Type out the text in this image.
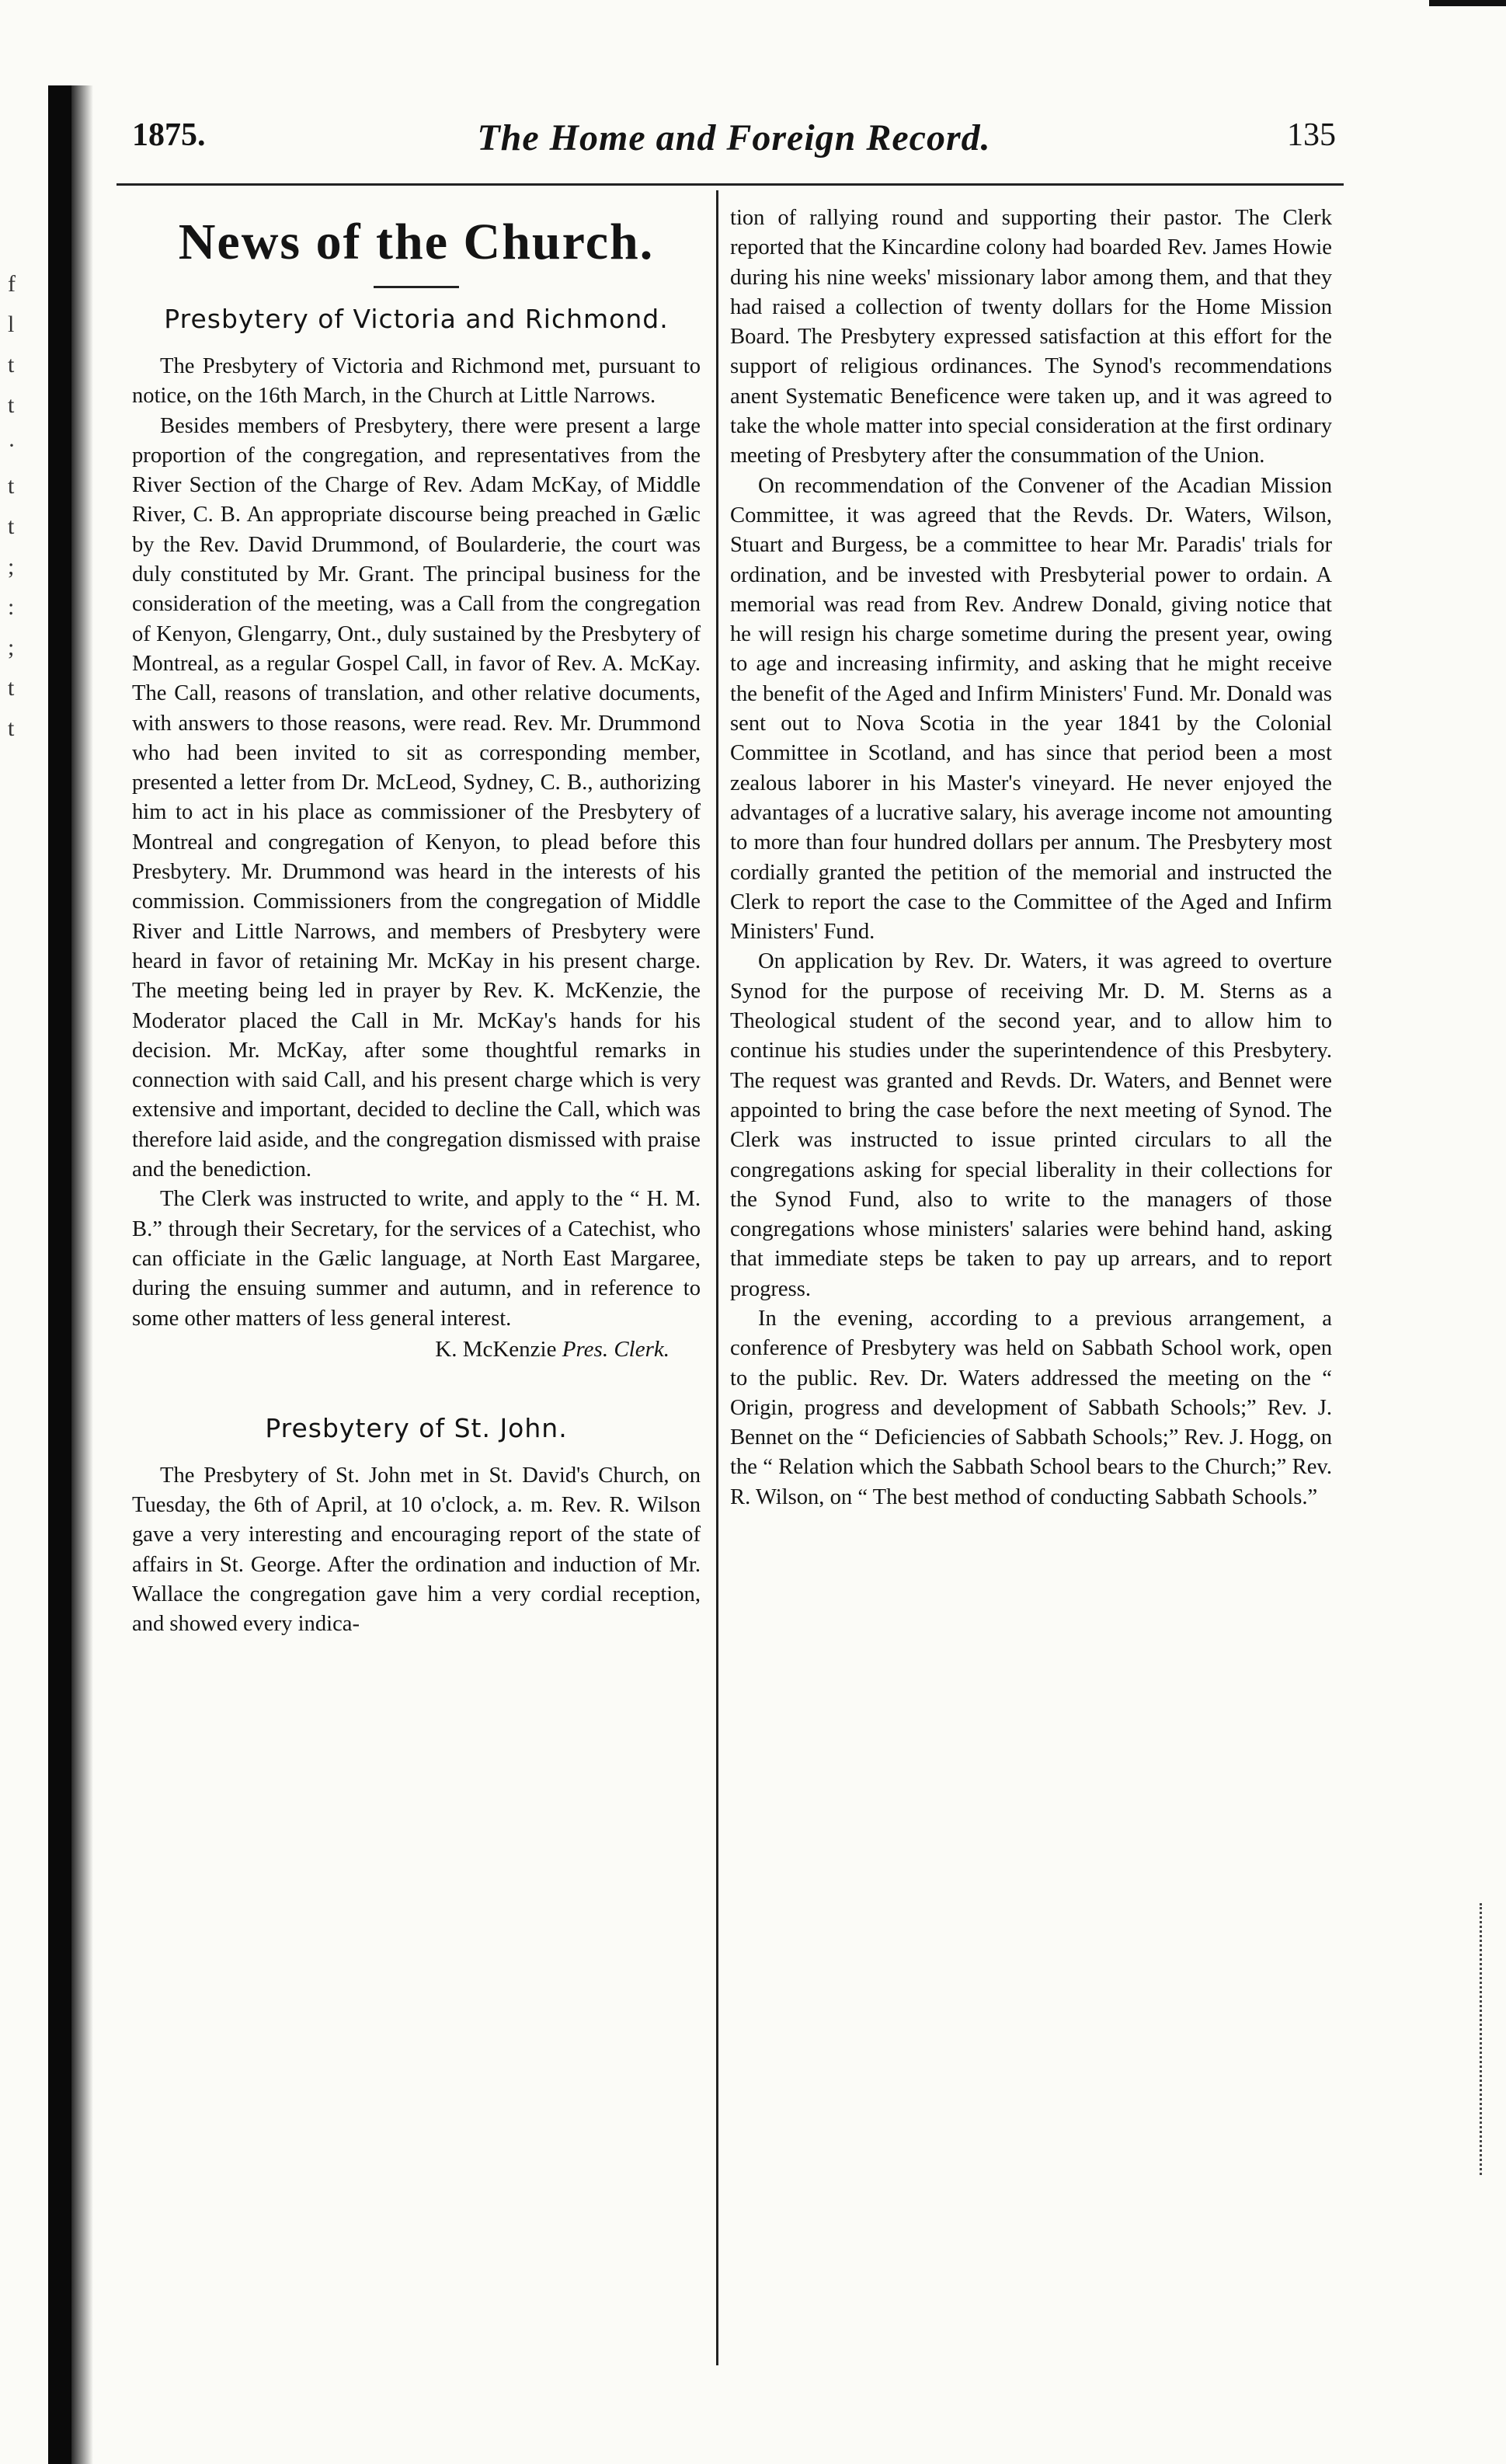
f
l
t
t
·
t
t
;
:
;
t
t
1875.	The Home and Foreign Record.	135
News of the Church.
Presbytery of Victoria and Richmond.

The Presbytery of Victoria and Richmond met, pursuant to notice, on the 16th March, in the Church at Little Narrows.

Besides members of Presbytery, there were present a large proportion of the congregation, and representatives from the River Section of the Charge of Rev. Adam McKay, of Middle River, C. B. An appropriate discourse being preached in Gælic by the Rev. David Drummond, of Boularderie, the court was duly constituted by Mr. Grant. The principal business for the consideration of the meeting, was a Call from the congregation of Kenyon, Glengarry, Ont., duly sustained by the Presbytery of Montreal, as a regular Gospel Call, in favor of Rev. A. McKay. The Call, reasons of translation, and other relative documents, with answers to those reasons, were read. Rev. Mr. Drummond who had been invited to sit as corresponding member, presented a letter from Dr. McLeod, Sydney, C. B., authorizing him to act in his place as commissioner of the Presbytery of Montreal and congregation of Kenyon, to plead before this Presbytery. Mr. Drummond was heard in the interests of his commission. Commissioners from the congregation of Middle River and Little Narrows, and members of Presbytery were heard in favor of retaining Mr. McKay in his present charge. The meeting being led in prayer by Rev. K. McKenzie, the Moderator placed the Call in Mr. McKay's hands for his decision. Mr. McKay, after some thoughtful remarks in connection with said Call, and his present charge which is very extensive and important, decided to decline the Call, which was therefore laid aside, and the congregation dismissed with praise and the benediction.

The Clerk was instructed to write, and apply to the “ H. M. B.” through their Secretary, for the services of a Catechist, who can officiate in the Gælic language, at North East Margaree, during the ensuing summer and autumn, and in reference to some other matters of less general interest.

K. McKenzie Pres. Clerk.
Presbytery of St. John.

The Presbytery of St. John met in St. David's Church, on Tuesday, the 6th of April, at 10 o'clock, a. m. Rev. R. Wilson gave a very interesting and encouraging report of the state of affairs in St. George. After the ordination and induction of Mr. Wallace the congregation gave him a very cordial reception, and showed every indica-

tion of rallying round and supporting their pastor. The Clerk reported that the Kincardine colony had boarded Rev. James Howie during his nine weeks' missionary labor among them, and that they had raised a collection of twenty dollars for the Home Mission Board. The Presbytery expressed satisfaction at this effort for the support of religious ordinances. The Synod's recommendations anent Systematic Beneficence were taken up, and it was agreed to take the whole matter into special consideration at the first ordinary meeting of Presbytery after the consummation of the Union.

On recommendation of the Convener of the Acadian Mission Committee, it was agreed that the Revds. Dr. Waters, Wilson, Stuart and Burgess, be a committee to hear Mr. Paradis' trials for ordination, and be invested with Presbyterial power to ordain. A memorial was read from Rev. Andrew Donald, giving notice that he will resign his charge sometime during the present year, owing to age and increasing infirmity, and asking that he might receive the benefit of the Aged and Infirm Ministers' Fund. Mr. Donald was sent out to Nova Scotia in the year 1841 by the Colonial Committee in Scotland, and has since that period been a most zealous laborer in his Master's vineyard. He never enjoyed the advantages of a lucrative salary, his average income not amounting to more than four hundred dollars per annum. The Presbytery most cordially granted the petition of the memorial and instructed the Clerk to report the case to the Committee of the Aged and Infirm Ministers' Fund.

On application by Rev. Dr. Waters, it was agreed to overture Synod for the purpose of receiving Mr. D. M. Sterns as a Theological student of the second year, and to allow him to continue his studies under the superintendence of this Presbytery. The request was granted and Revds. Dr. Waters, and Bennet were appointed to bring the case before the next meeting of Synod. The Clerk was instructed to issue printed circulars to all the congregations asking for special liberality in their collections for the Synod Fund, also to write to the managers of those congregations whose ministers' salaries were behind hand, asking that immediate steps be taken to pay up arrears, and to report progress.

In the evening, according to a previous arrangement, a conference of Presbytery was held on Sabbath School work, open to the public. Rev. Dr. Waters addressed the meeting on the “ Origin, progress and development of Sabbath Schools;” Rev. J. Bennet on the “ Deficiencies of Sabbath Schools;” Rev. J. Hogg, on the “ Relation which the Sabbath School bears to the Church;” Rev. R. Wilson, on “ The best method of conducting Sabbath Schools.”
